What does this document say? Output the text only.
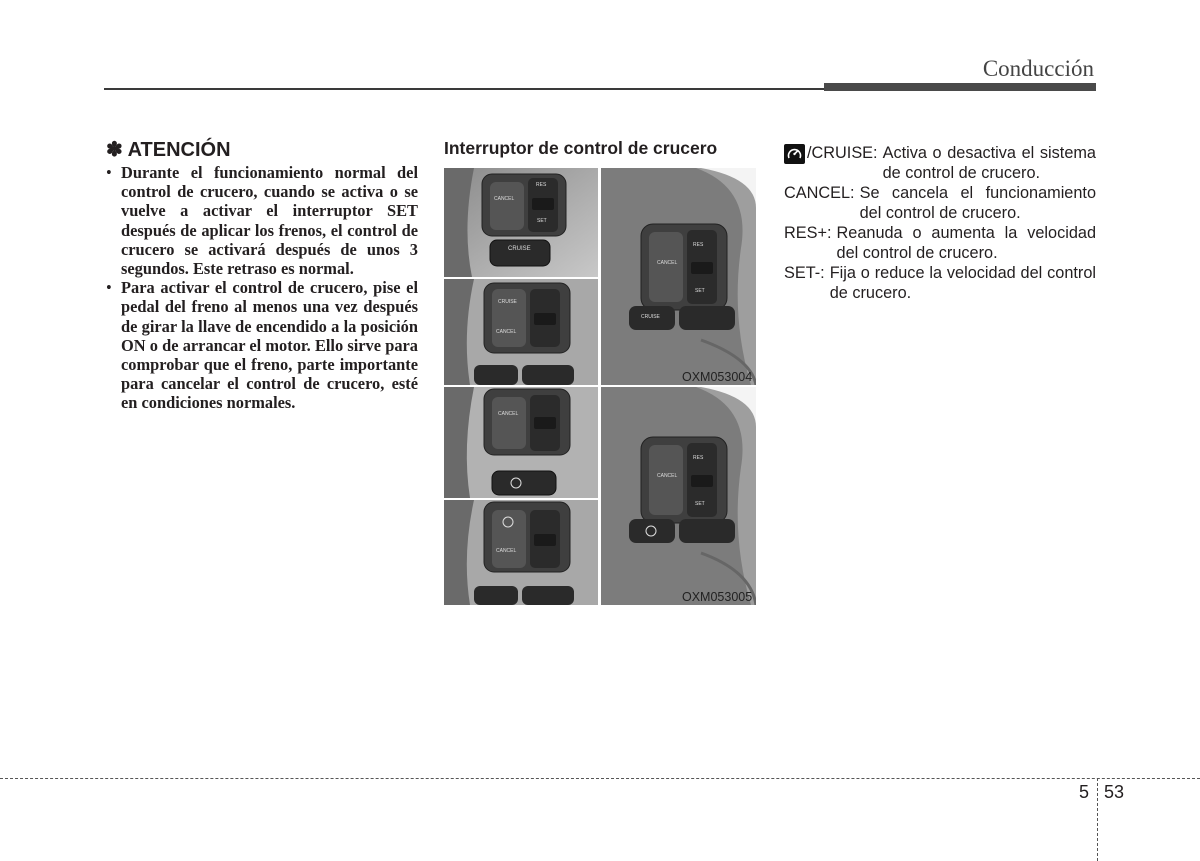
Conducción
✽ ATENCIÓN
• Durante el funcionamiento normal del control de crucero, cuando se activa o se vuelve a activar el interruptor SET después de aplicar los frenos, el control de crucero se activará después de unos 3 segundos. Este retraso es normal.
• Para activar el control de crucero, pise el pedal del freno al menos una vez después de girar la llave de encendido a la posición ON o de arrancar el motor. Ello sirve para comprobar que el freno, parte importante para cancelar el control de crucero, esté en condiciones normales.
Interruptor de control de crucero
CANCEL
RES
SET
CRUISE
CRUISE
CANCEL
CANCEL
CANCEL
CANCEL
RES
SET
CRUISE
OXM053004
CANCEL
RES
SET
OXM053005
/CRUISE: Activa o desactiva el sistema de control de crucero.
CANCEL: Se cancela el funcionamiento del control de crucero.
RES+: Reanuda o aumenta la velocidad del control de crucero.
SET-: Fija o reduce la velocidad del control de crucero.
5 53
